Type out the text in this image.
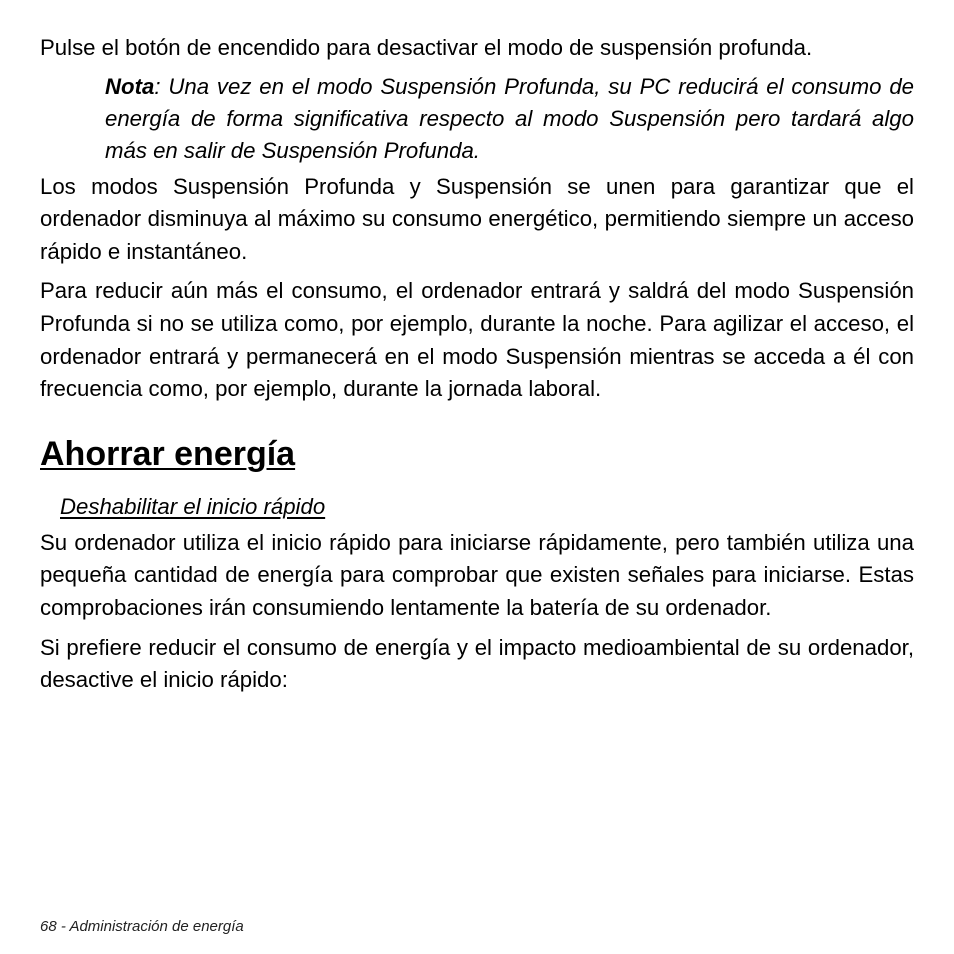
Pulse el botón de encendido para desactivar el modo de suspensión profunda.

Nota: Una vez en el modo Suspensión Profunda, su PC reducirá el consumo de energía de forma significativa respecto al modo Suspensión pero tardará algo más en salir de Suspensión Profunda.

Los modos Suspensión Profunda y Suspensión se unen para garantizar que el ordenador disminuya al máximo su consumo energético, permitiendo siempre un acceso rápido e instantáneo.

Para reducir aún más el consumo, el ordenador entrará y saldrá del modo Suspensión Profunda si no se utiliza como, por ejemplo, durante la noche. Para agilizar el acceso, el ordenador entrará y permanecerá en el modo Suspensión mientras se acceda a él con frecuencia como, por ejemplo, durante la jornada laboral.

Ahorrar energía
Deshabilitar el inicio rápido

Su ordenador utiliza el inicio rápido para iniciarse rápidamente, pero también utiliza una pequeña cantidad de energía para comprobar que existen señales para iniciarse. Estas comprobaciones irán consumiendo lentamente la batería de su ordenador.

Si prefiere reducir el consumo de energía y el impacto medioambiental de su ordenador, desactive el inicio rápido:

68 - Administración de energía
